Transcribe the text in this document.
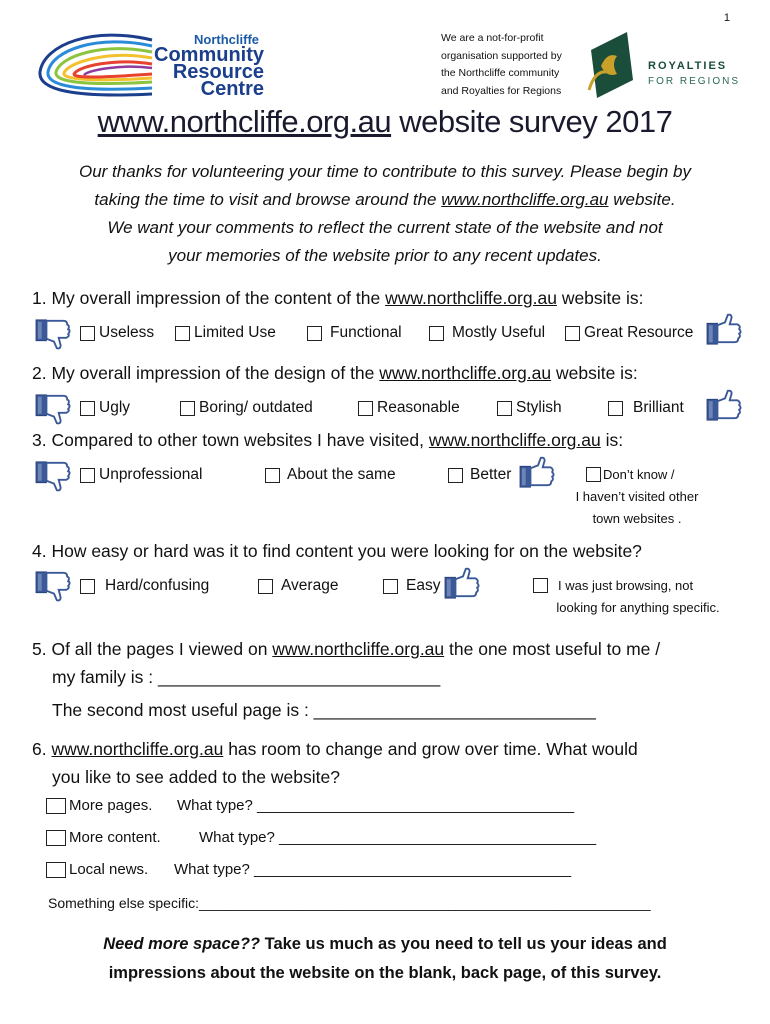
1
Northcliffe
Community
Resource
Centre
We are a not-for-profit
organisation supported by
the Northcliffe community
and Royalties for Regions
ROYALTIES
FOR REGIONS
www.northcliffe.org.au website survey 2017
Our thanks for volunteering your time to contribute to this survey. Please begin by
taking the time to visit and browse around the www.northcliffe.org.au website.
We want your comments to reflect the current state of the website and not
your memories of the website prior to any recent updates.
1. My overall impression of the content of the www.northcliffe.org.au website is:
Useless	Limited Use	Functional	Mostly Useful	Great Resource
2. My overall impression of the design of the www.northcliffe.org.au website is:
Ugly	Boring/ outdated	Reasonable	Stylish	Brilliant
3. Compared to other town websites I have visited, www.northcliffe.org.au is:
Unprofessional	About the same	Better	Don’t know /
I haven’t visited other
town websites .
4. How easy or hard was it to find content you were looking for on the website?
Hard/confusing	Average	Easy	I was just browsing, not
looking for anything specific.
5. Of all the pages I viewed on www.northcliffe.org.au the one most useful to me /
my family is : _____________________________
The second most useful page is : _____________________________
6. www.northcliffe.org.au has room to change and grow over time. What would
you like to see added to the website?
More pages. What type? ______________________________________
More content.	What type? ______________________________________
Local news. What type? ______________________________________
Something else specific:__________________________________________________________
Need more space?? Take us much as you need to tell us your ideas and
impressions about the website on the blank, back page, of this survey.
